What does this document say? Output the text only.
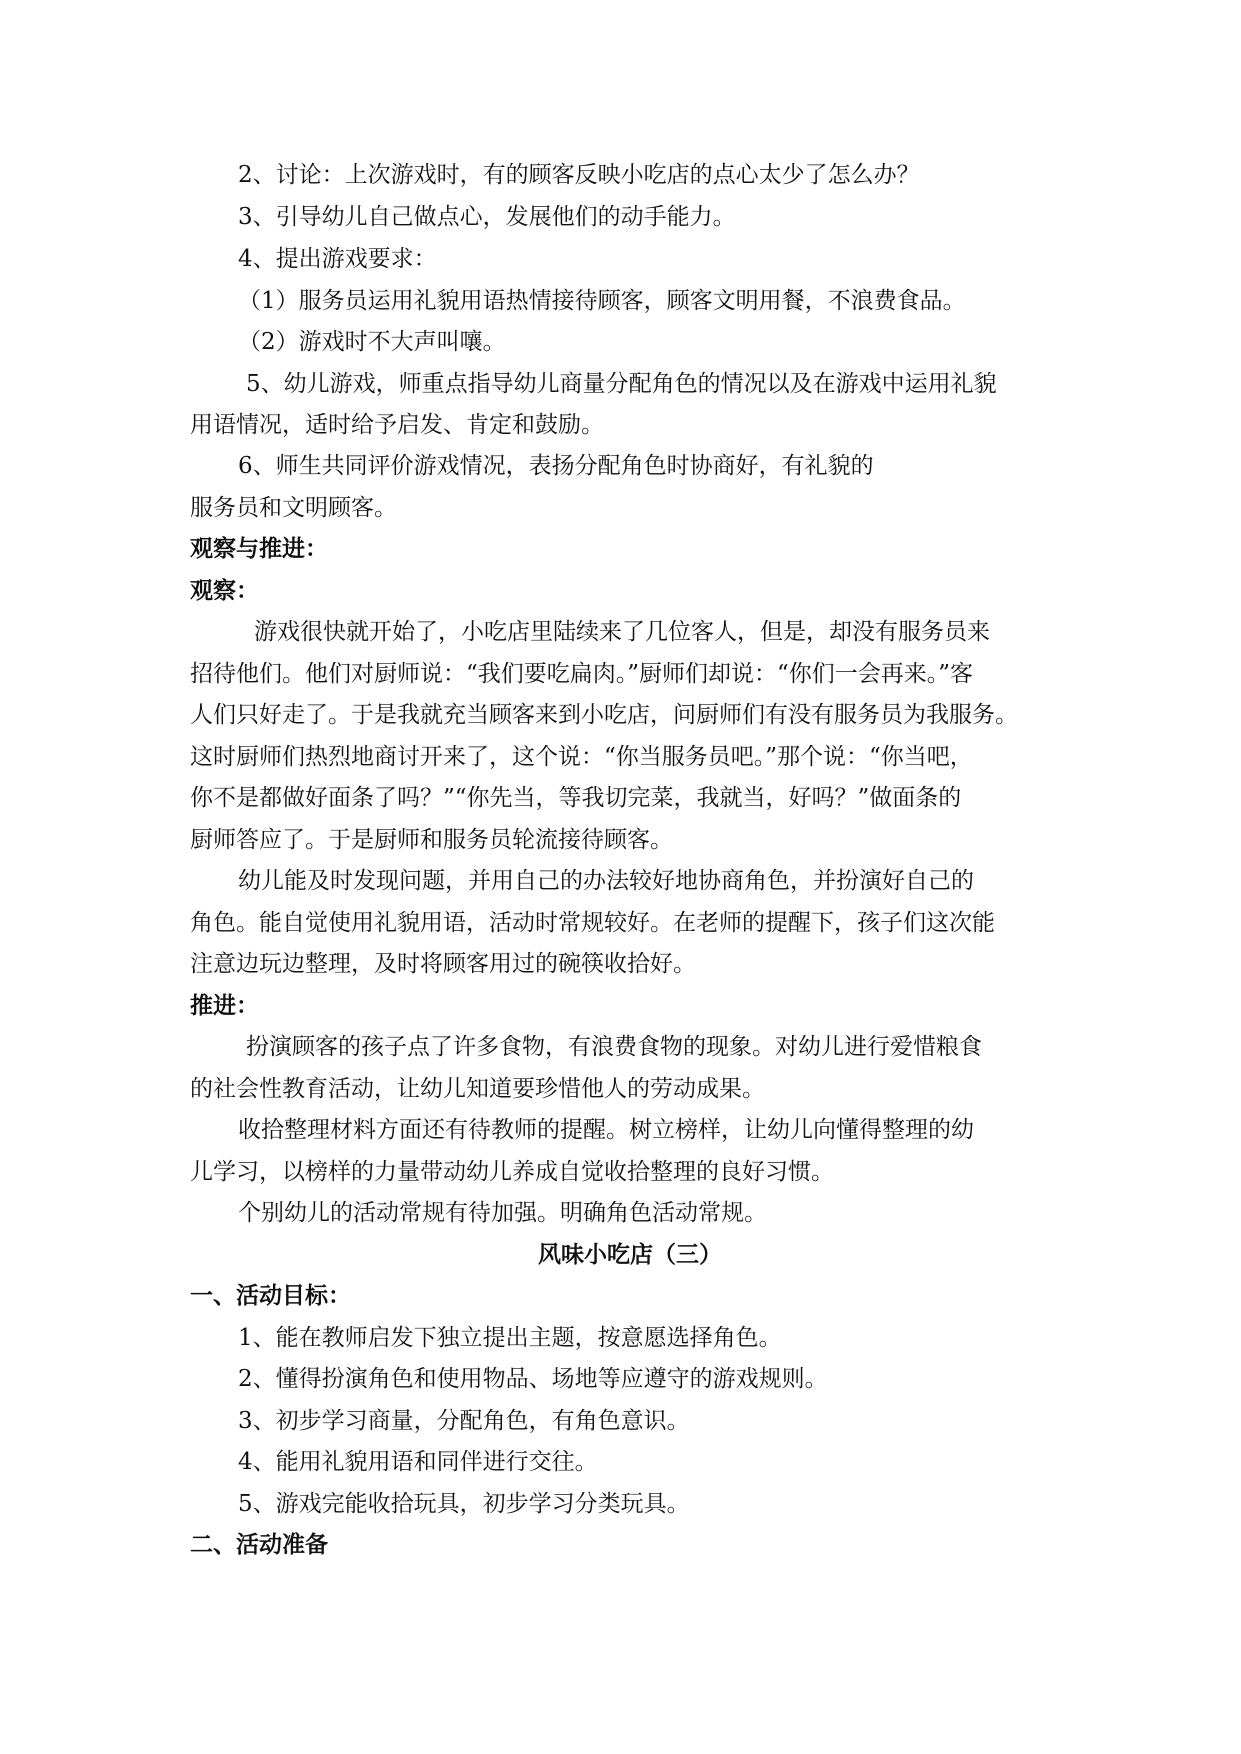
2、讨论：上次游戏时，有的顾客反映小吃店的点心太少了怎么办？
3、引导幼儿自己做点心，发展他们的动手能力。
4、提出游戏要求：
（1）服务员运用礼貌用语热情接待顾客，顾客文明用餐，不浪费食品。
（2）游戏时不大声叫嚷。
5、幼儿游戏，师重点指导幼儿商量分配角色的情况以及在游戏中运用礼貌
用语情况，适时给予启发、肯定和鼓励。
6、师生共同评价游戏情况，表扬分配角色时协商好，有礼貌的
服务员和文明顾客。
观察与推进：
观察：
游戏很快就开始了，小吃店里陆续来了几位客人，但是，却没有服务员来
招待他们。他们对厨师说：“我们要吃扁肉。”厨师们却说：“你们一会再来。”客
人们只好走了。于是我就充当顾客来到小吃店，问厨师们有没有服务员为我服务。
这时厨师们热烈地商讨开来了，这个说：“你当服务员吧。”那个说：“你当吧，
你不是都做好面条了吗？”“你先当，等我切完菜，我就当，好吗？”做面条的
厨师答应了。于是厨师和服务员轮流接待顾客。
幼儿能及时发现问题，并用自己的办法较好地协商角色，并扮演好自己的
角色。能自觉使用礼貌用语，活动时常规较好。在老师的提醒下，孩子们这次能
注意边玩边整理，及时将顾客用过的碗筷收拾好。
推进：
扮演顾客的孩子点了许多食物，有浪费食物的现象。对幼儿进行爱惜粮食
的社会性教育活动，让幼儿知道要珍惜他人的劳动成果。
收拾整理材料方面还有待教师的提醒。树立榜样，让幼儿向懂得整理的幼
儿学习，以榜样的力量带动幼儿养成自觉收拾整理的良好习惯。
个别幼儿的活动常规有待加强。明确角色活动常规。
风味小吃店（三）
一、活动目标：
1、能在教师启发下独立提出主题，按意愿选择角色。
2、懂得扮演角色和使用物品、场地等应遵守的游戏规则。
3、初步学习商量，分配角色，有角色意识。
4、能用礼貌用语和同伴进行交往。
5、游戏完能收拾玩具，初步学习分类玩具。
二、活动准备
